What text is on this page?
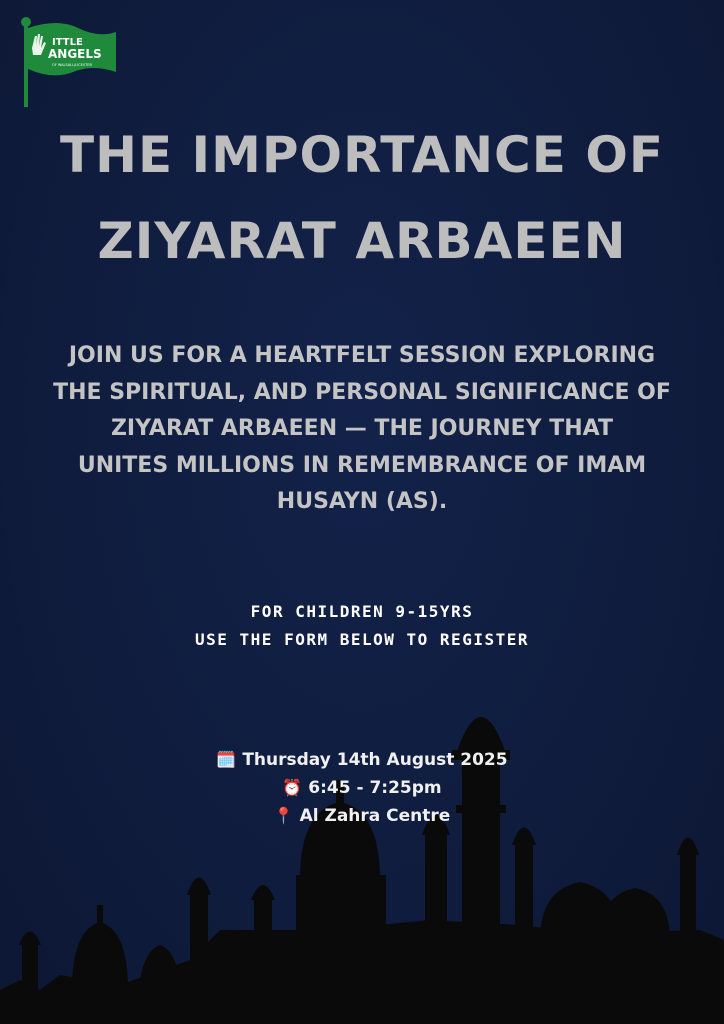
ITTLE
ANGELS
OF WALSALL/LICESTER
THE IMPORTANCE OF
ZIYARAT ARBAEEN

JOIN US FOR A HEARTFELT SESSION EXPLORING
THE SPIRITUAL, AND PERSONAL SIGNIFICANCE OF
ZIYARAT ARBAEEN — THE JOURNEY THAT
UNITES MILLIONS IN REMEMBRANCE OF IMAM
HUSAYN (AS).

FOR CHILDREN 9-15YRS
USE THE FORM BELOW TO REGISTER
🗓️ Thursday 14th August 2025
⏰ 6:45 - 7:25pm
📍 Al Zahra Centre
